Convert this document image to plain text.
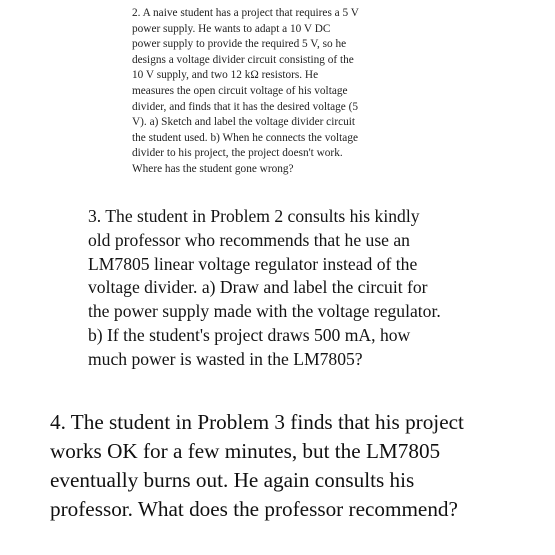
2. A naive student has a project that requires a 5 V
power supply. He wants to adapt a 10 V DC
power supply to provide the required 5 V, so he
designs a voltage divider circuit consisting of the
10 V supply, and two 12 kΩ resistors. He
measures the open circuit voltage of his voltage
divider, and finds that it has the desired voltage (5
V). a) Sketch and label the voltage divider circuit
the student used. b) When he connects the voltage
divider to his project, the project doesn't work.
Where has the student gone wrong?
3. The student in Problem 2 consults his kindly
old professor who recommends that he use an
LM7805 linear voltage regulator instead of the
voltage divider. a) Draw and label the circuit for
the power supply made with the voltage regulator.
b) If the student's project draws 500 mA, how
much power is wasted in the LM7805?
4. The student in Problem 3 finds that his project
works OK for a few minutes, but the LM7805
eventually burns out. He again consults his
professor. What does the professor recommend?
